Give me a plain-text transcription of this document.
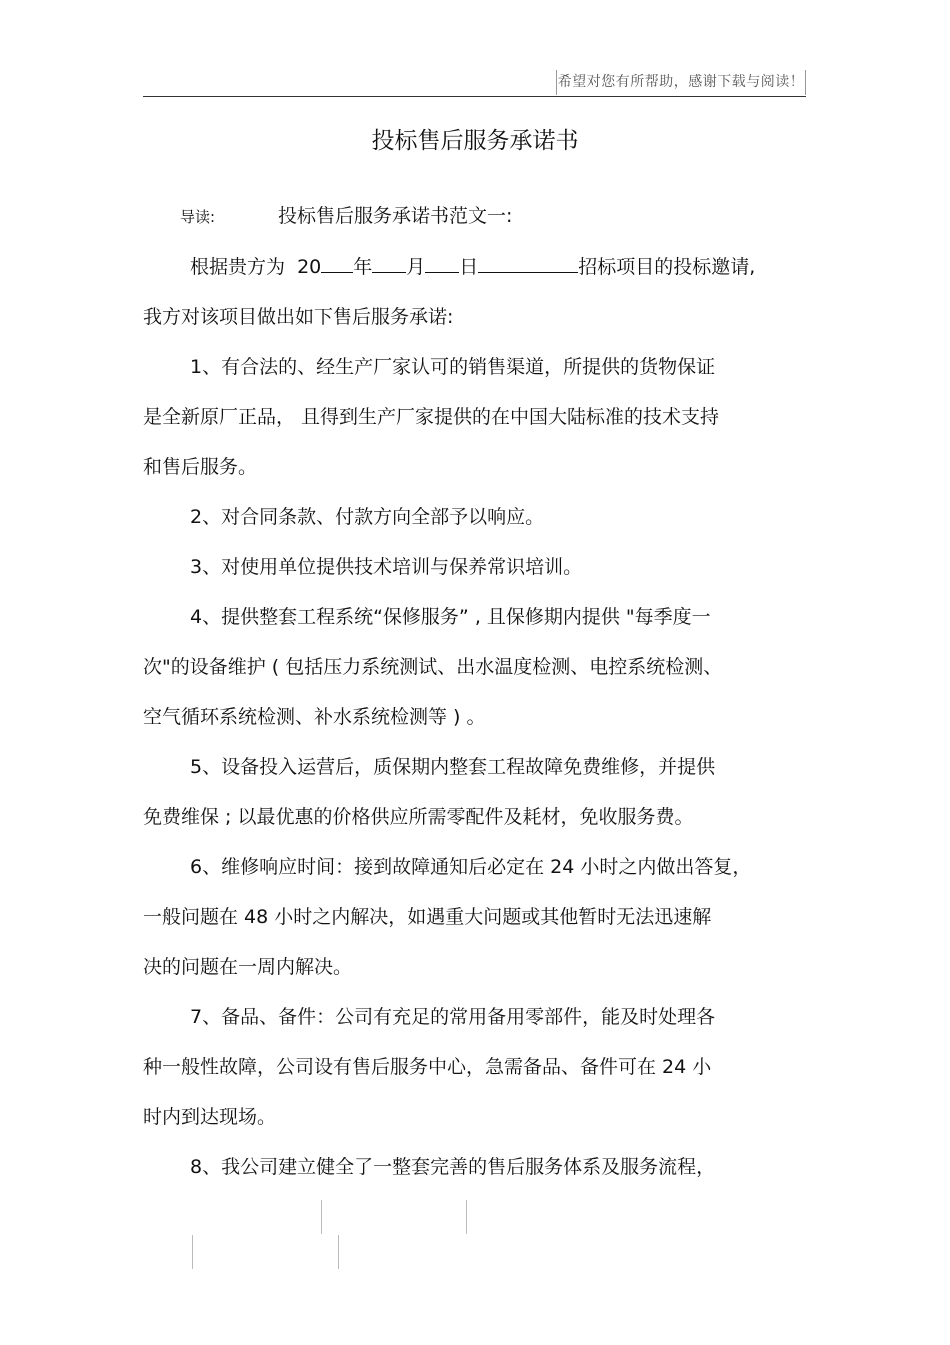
希望对您有所帮助，感谢下载与阅读！
投标售后服务承诺书
导读:	投标售后服务承诺书范文一:
根据贵方为 20 年 月 日	招标项目的投标邀请,
我方对该项目做出如下售后服务承诺:
1、有合法的、经生产厂家认可的销售渠道，所提供的货物保证
是全新原厂正品， 且得到生产厂家提供的在中国大陆标准的技术支持
和售后服务。
2、对合同条款、付款方向全部予以响应。
3、对使用单位提供技术培训与保养常识培训。
4、提供整套工程系统“保修服务” , 且保修期内提供 "每季度一
次"的设备维护 ( 包括压力系统测试、出水温度检测、电控系统检测、
空气循环系统检测、补水系统检测等 ) 。
5、设备投入运营后，质保期内整套工程故障免费维修，并提供
免费维保 ; 以最优惠的价格供应所需零配件及耗材，免收服务费。
6、维修响应时间：接到故障通知后必定在 24 小时之内做出答复，
一般问题在 48 小时之内解决，如遇重大问题或其他暂时无法迅速解
决的问题在一周内解决。
7、备品、备件：公司有充足的常用备用零部件，能及时处理各
种一般性故障，公司设有售后服务中心，急需备品、备件可在 24 小
时内到达现场。
8、我公司建立健全了一整套完善的售后服务体系及服务流程，
